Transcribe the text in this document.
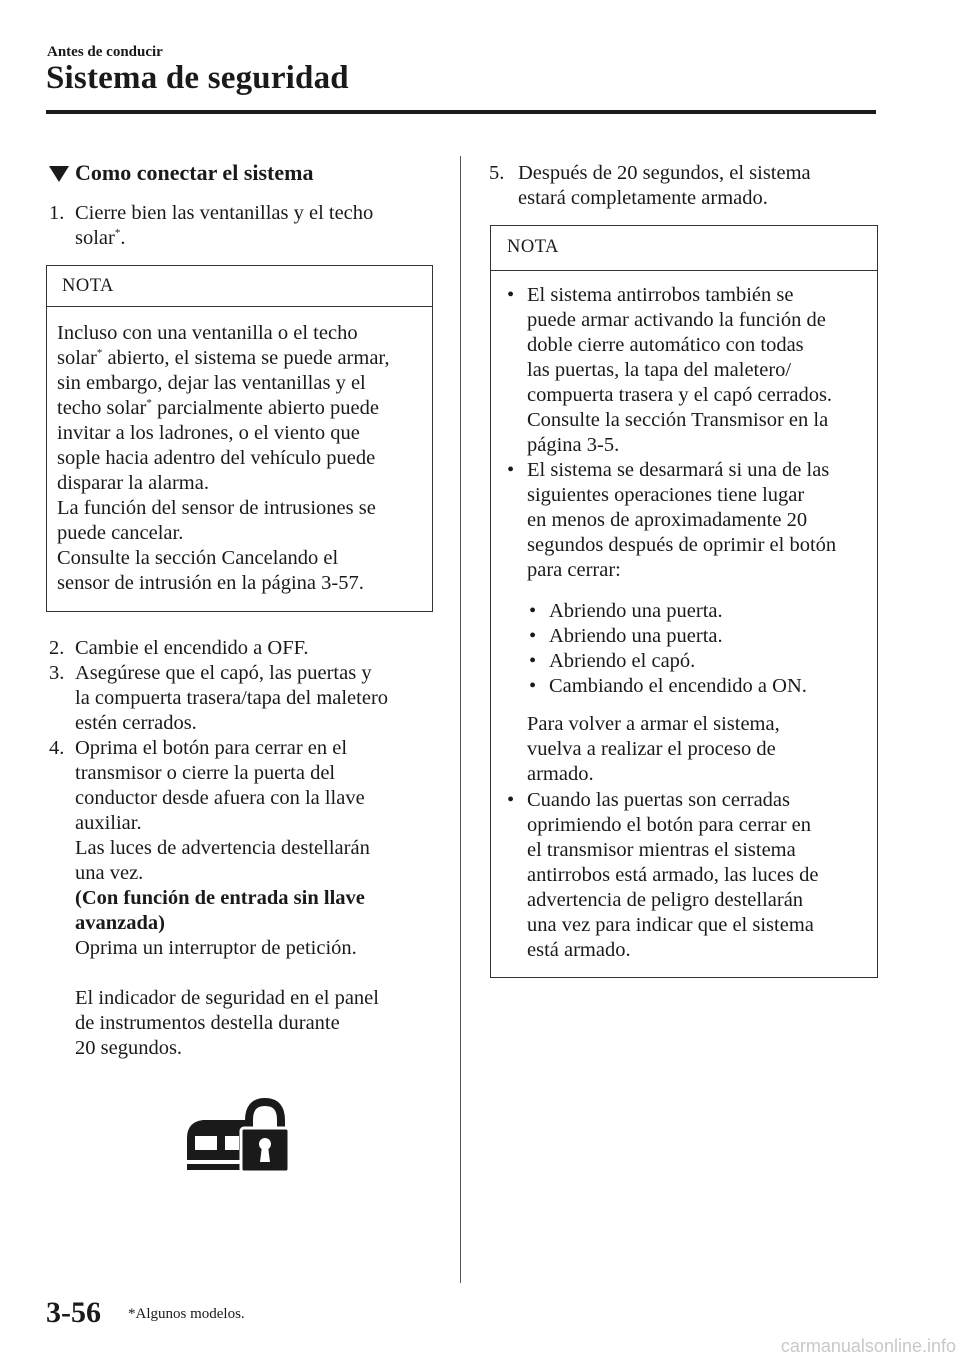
Antes de conducir
Sistema de seguridad
Como conectar el sistema
1. Cierre bien las ventanillas y el techo
solar*.
NOTA
Incluso con una ventanilla o el techo
solar* abierto, el sistema se puede armar,
sin embargo, dejar las ventanillas y el
techo solar* parcialmente abierto puede
invitar a los ladrones, o el viento que
sople hacia adentro del vehículo puede
disparar la alarma.
La función del sensor de intrusiones se
puede cancelar.
Consulte la sección Cancelando el
sensor de intrusión en la página 3-57.
2. Cambie el encendido a OFF.
3. Asegúrese que el capó, las puertas y
la compuerta trasera/tapa del maletero
estén cerrados.
4. Oprima el botón para cerrar en el
transmisor o cierre la puerta del
conductor desde afuera con la llave
auxiliar.
Las luces de advertencia destellarán
una vez.
(Con función de entrada sin llave
avanzada)
Oprima un interruptor de petición.
El indicador de seguridad en el panel
de instrumentos destella durante
20 segundos.
5. Después de 20 segundos, el sistema
estará completamente armado.
NOTA
• El sistema antirrobos también se
puede armar activando la función de
doble cierre automático con todas
las puertas, la tapa del maletero/
compuerta trasera y el capó cerrados.
Consulte la sección Transmisor en la
página 3-5.
• El sistema se desarmará si una de las
siguientes operaciones tiene lugar
en menos de aproximadamente 20
segundos después de oprimir el botón
para cerrar:
• Abriendo una puerta.
• Abriendo una puerta.
• Abriendo el capó.
• Cambiando el encendido a ON.
Para volver a armar el sistema,
vuelva a realizar el proceso de
armado.
• Cuando las puertas son cerradas
oprimiendo el botón para cerrar en
el transmisor mientras el sistema
antirrobos está armado, las luces de
advertencia de peligro destellarán
una vez para indicar que el sistema
está armado.
3-56 *Algunos modelos.
carmanualsonline.info
